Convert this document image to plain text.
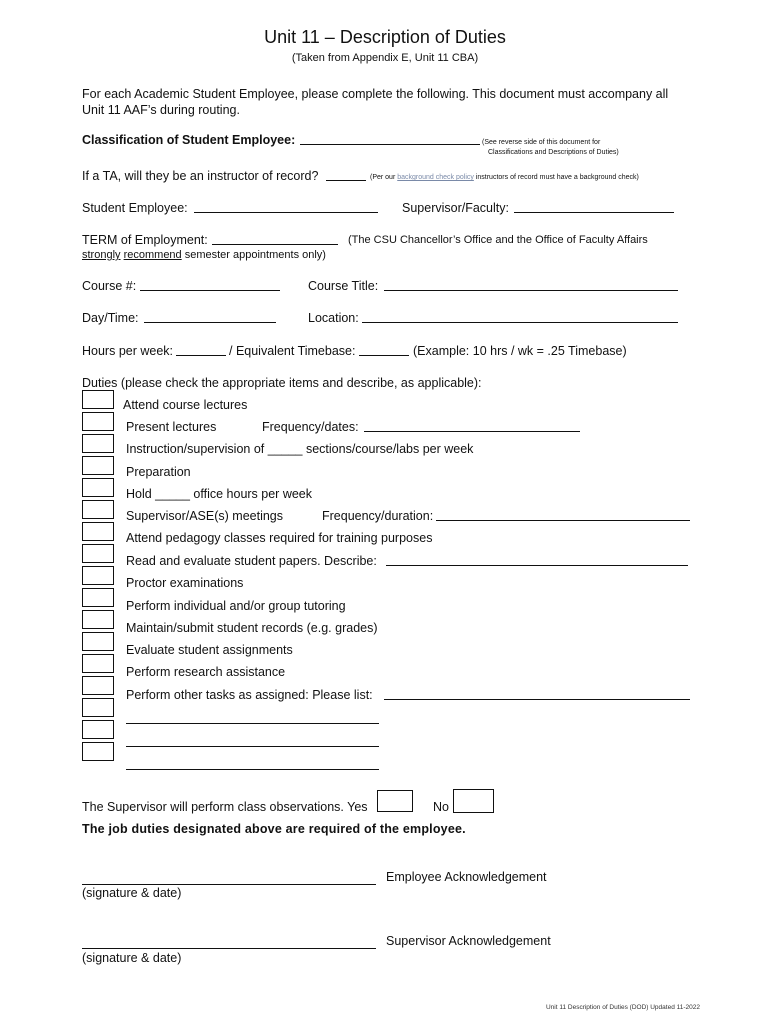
Unit 11 – Description of Duties
(Taken from Appendix E, Unit 11 CBA)
For each Academic Student Employee, please complete the following. This document must accompany all
Unit 11 AAF’s during routing.
Classification of Student Employee:	(See reverse side of this document for
Classifications and Descriptions of Duties)
If a TA, will they be an instructor of record?	(Per our background check policy instructors of record must have a background check)
Student Employee:	Supervisor/Faculty:
TERM of Employment:	(The CSU Chancellor’s Office and the Office of Faculty Affairs
strongly recommend semester appointments only)
Course #:	Course Title:
Day/Time:	Location:
Hours per week:	/ Equivalent Timebase:	(Example: 10 hrs / wk = .25 Timebase)
Duties (please check the appropriate items and describe, as applicable):
Attend course lectures
Present lectures	Frequency/dates:
Instruction/supervision of _____ sections/course/labs per week
Preparation
Hold _____ office hours per week
Supervisor/ASE(s) meetings	Frequency/duration:
Attend pedagogy classes required for training purposes
Read and evaluate student papers. Describe:
Proctor examinations
Perform individual and/or group tutoring
Maintain/submit student records (e.g. grades)
Evaluate student assignments
Perform research assistance
Perform other tasks as assigned: Please list:
The Supervisor will perform class observations. Yes	No
The job duties designated above are required of the employee.
Employee Acknowledgement
(signature & date)
Supervisor Acknowledgement
(signature & date)
Unit 11 Description of Duties (DOD) Updated 11-2022
